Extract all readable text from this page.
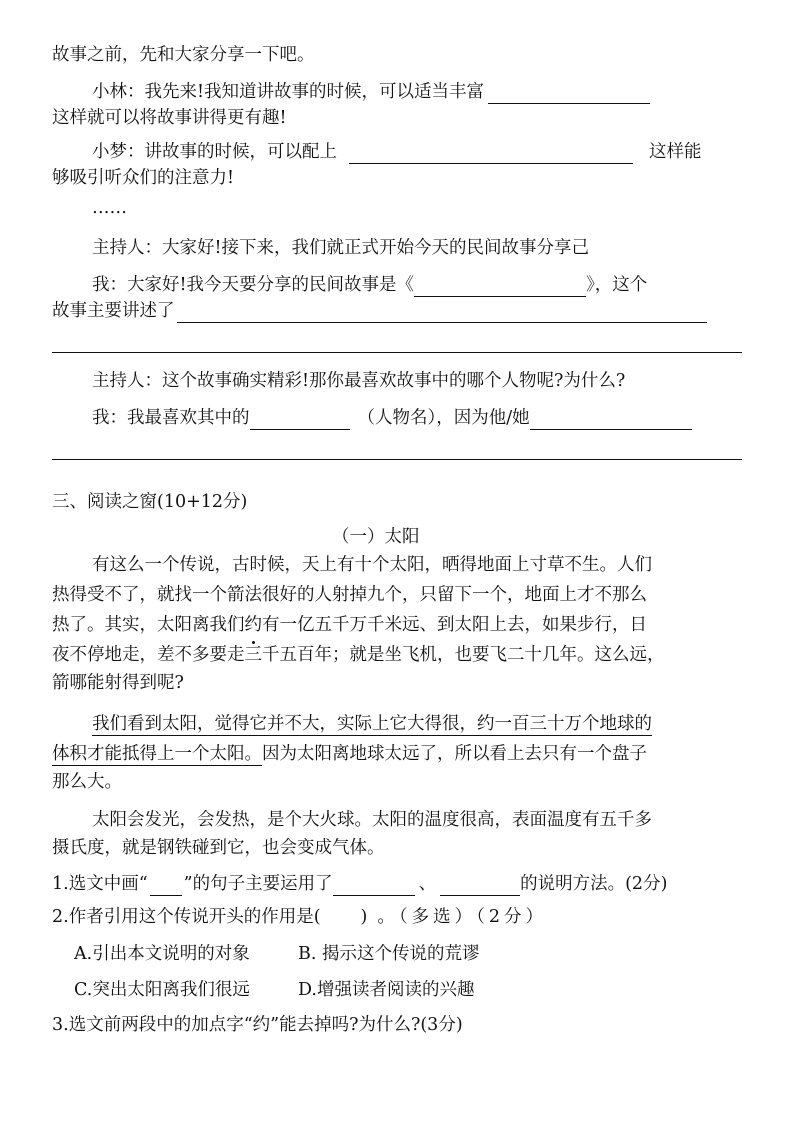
故事之前，先和大家分享一下吧。
小林：我先来!我知道讲故事的时候，可以适当丰富
这样就可以将故事讲得更有趣!
小梦：讲故事的时候，可以配上	这样能
够吸引听众们的注意力!
……
主持人：大家好!接下来，我们就正式开始今天的民间故事分享己
我：大家好!我今天要分享的民间故事是《	》，这个
故事主要讲述了
主持人：这个故事确实精彩!那你最喜欢故事中的哪个人物呢?为什么?
我：我最喜欢其中的	（人物名），因为他/她
三、阅读之窗(10+12分)
（一）太阳
有这么一个传说，古时候，天上有十个太阳，晒得地面上寸草不生。人们
热得受不了，就找一个箭法很好的人射掉九个，只留下一个，地面上才不那么
热了。其实，太阳离我们约有一亿五千万千米远、到太阳上去，如果步行，日
夜不停地走，差不多要走三千五百年；就是坐飞机，也要飞二十几年。这么远，
箭哪能射得到呢?
我们看到太阳，觉得它并不大，实际上它大得很，约一百三十万个地球的
体积才能抵得上一个太阳。因为太阳离地球太远了，所以看上去只有一个盘子
那么大。
太阳会发光，会发热，是个大火球。太阳的温度很高，表面温度有五千多
摄氏度，就是钢铁碰到它，也会变成气体。
1.选文中画“ ”的句子主要运用了	、	的说明方法。(2分)
2.作者引用这个传说开头的作用是( ) 。（多选）（2分）
A.引出本文说明的对象	B. 揭示这个传说的荒谬
C.突出太阳离我们很远	D.增强读者阅读的兴趣
3.选文前两段中的加点字“约”能去掉吗?为什么?(3分)
